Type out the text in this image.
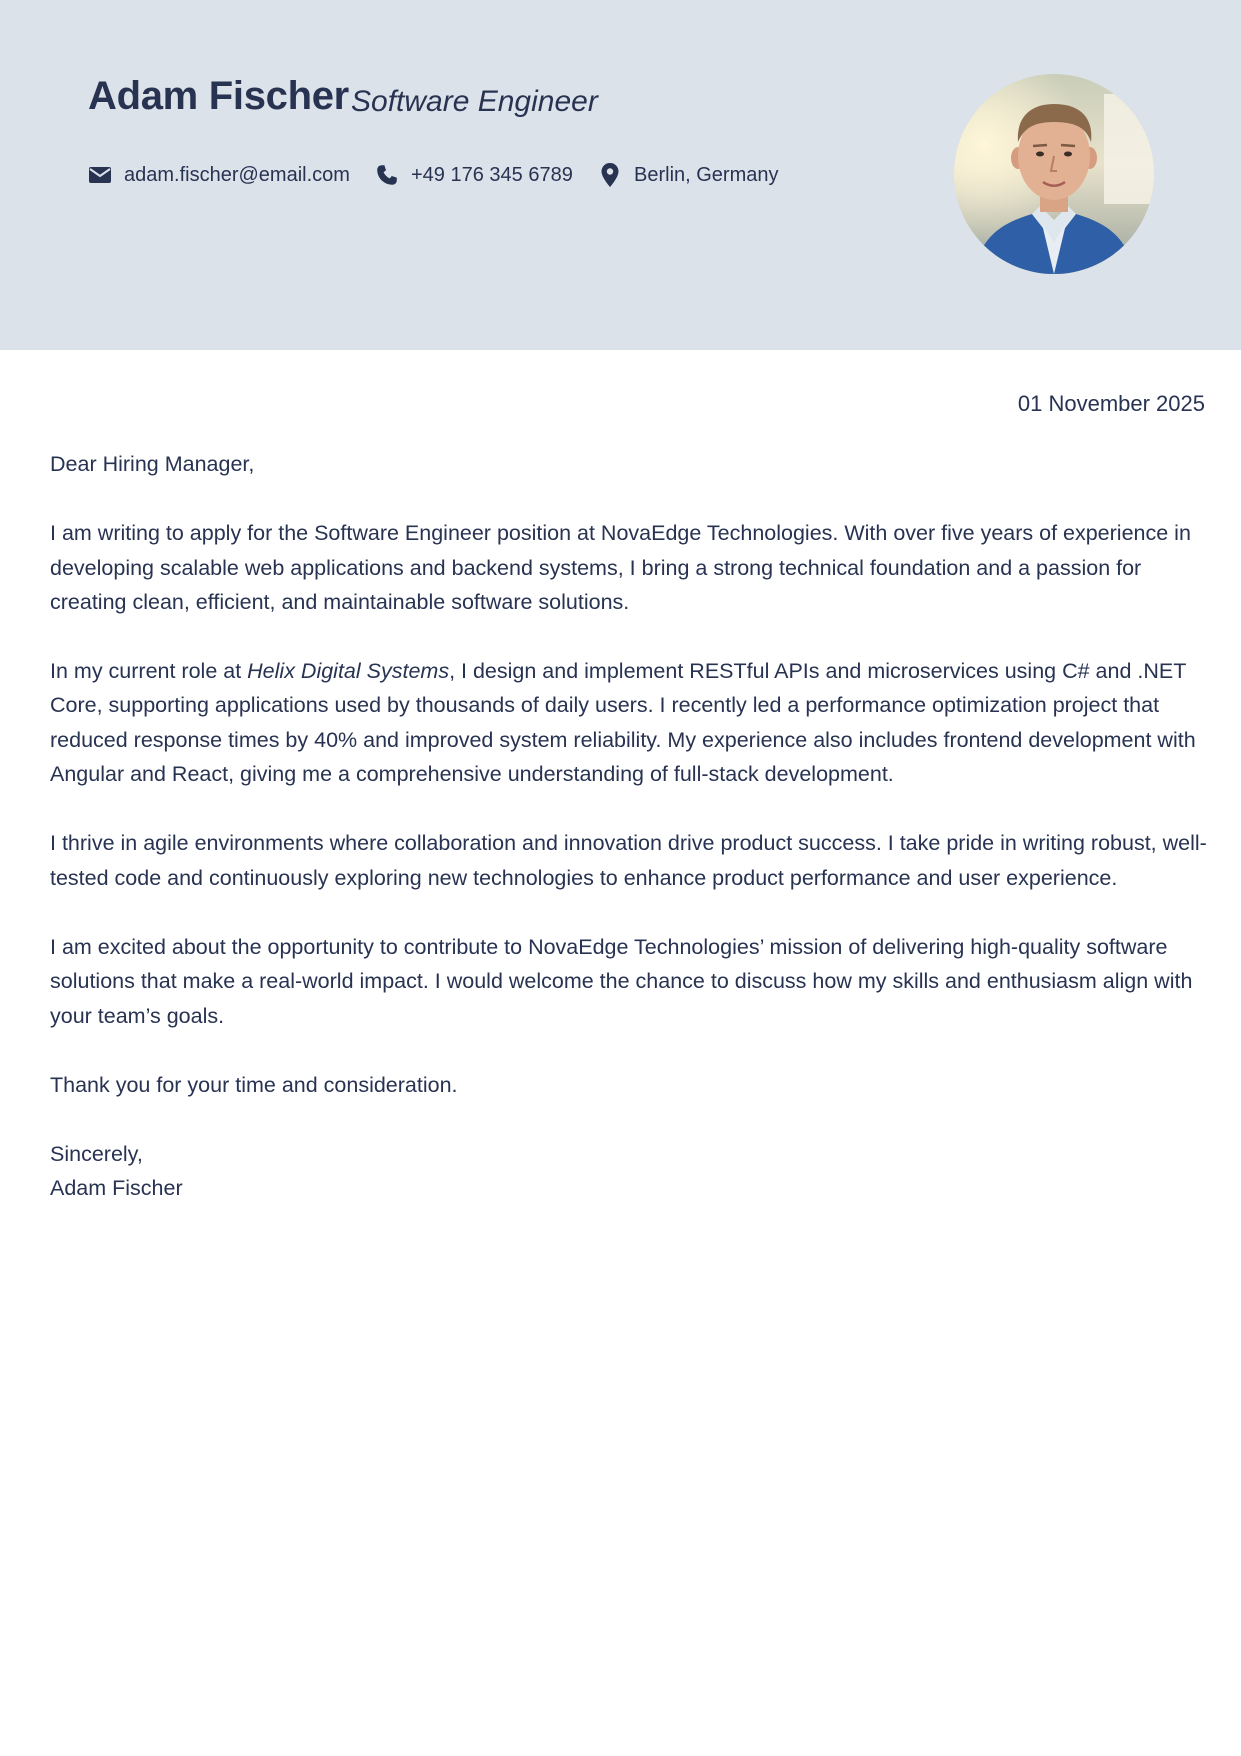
Adam Fischer Software Engineer
adam.fischer@email.com	+49 176 345 6789	Berlin, Germany
01 November 2025

Dear Hiring Manager,

I am writing to apply for the Software Engineer position at NovaEdge Technologies. With over five years of experience in developing scalable web applications and backend systems, I bring a strong technical foundation and a passion for creating clean, efficient, and maintainable software solutions.

In my current role at Helix Digital Systems, I design and implement RESTful APIs and microservices using C# and .NET Core, supporting applications used by thousands of daily users. I recently led a performance optimization project that reduced response times by 40% and improved system reliability. My experience also includes frontend development with Angular and React, giving me a comprehensive understanding of full-stack development.

I thrive in agile environments where collaboration and innovation drive product success. I take pride in writing robust, well-tested code and continuously exploring new technologies to enhance product performance and user experience.

I am excited about the opportunity to contribute to NovaEdge Technologies’ mission of delivering high-quality software solutions that make a real-world impact. I would welcome the chance to discuss how my skills and enthusiasm align with your team’s goals.

Thank you for your time and consideration.

Sincerely,

Adam Fischer
